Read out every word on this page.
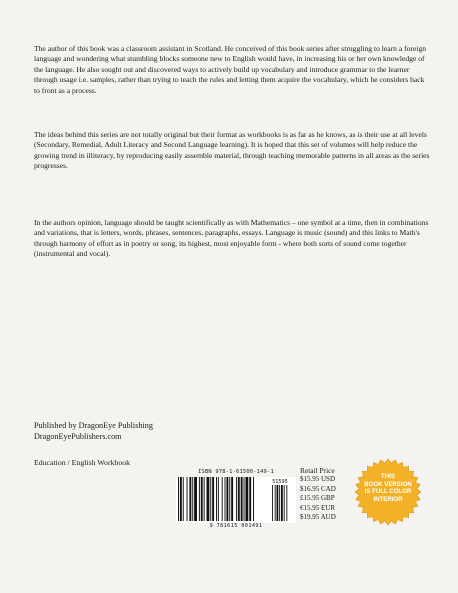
The author of this book was a classroom assistant in Scotland. He conceived of this book series after struggling to learn a foreign language and wondering what stumbling blocks someone new to English would have, in increasing his or her own knowledge of the language. He also sought out and discovered ways to actively build up vocabulary and introduce grammar to the learner through usage i.e. samples, rather than trying to teach the rules and letting them acquire the vocabulary, which he considers back to front as a process.

The ideas behind this series are not totally original but their format as workbooks is as far as he knows, as is their use at all levels (Secondary, Remedial, Adult Literacy and Second Language learning). It is hoped that this set of volumes will help reduce the growing trend in illiteracy, by reproducing easily assemble material, through teaching memorable patterns in all areas as the series progresses.

In the authors opinion, language should be taught scientifically as with Mathematics – one symbol at a time, then in combinations and variations, that is letters, words, phrases, sentences, paragraphs, essays. Language is music (sound) and this links to Math's through harmony of effort as in poetry or song, its highest, most enjoyable form - where both sorts of sound come together (instrumental and vocal).

Published by DragonEye Publishing
DragonEyePublishers.com
Education / English Workbook
ISBN 978-1-61500-149-1
51595
9 781615 001491
Retail Price
$15.95 USD
$16.95 CAD
£15.95 GBP
€15.95 EUR
$19.95 AUD
THIS
BOOK VERSION
IS FULL COLOR
INTERIOR
